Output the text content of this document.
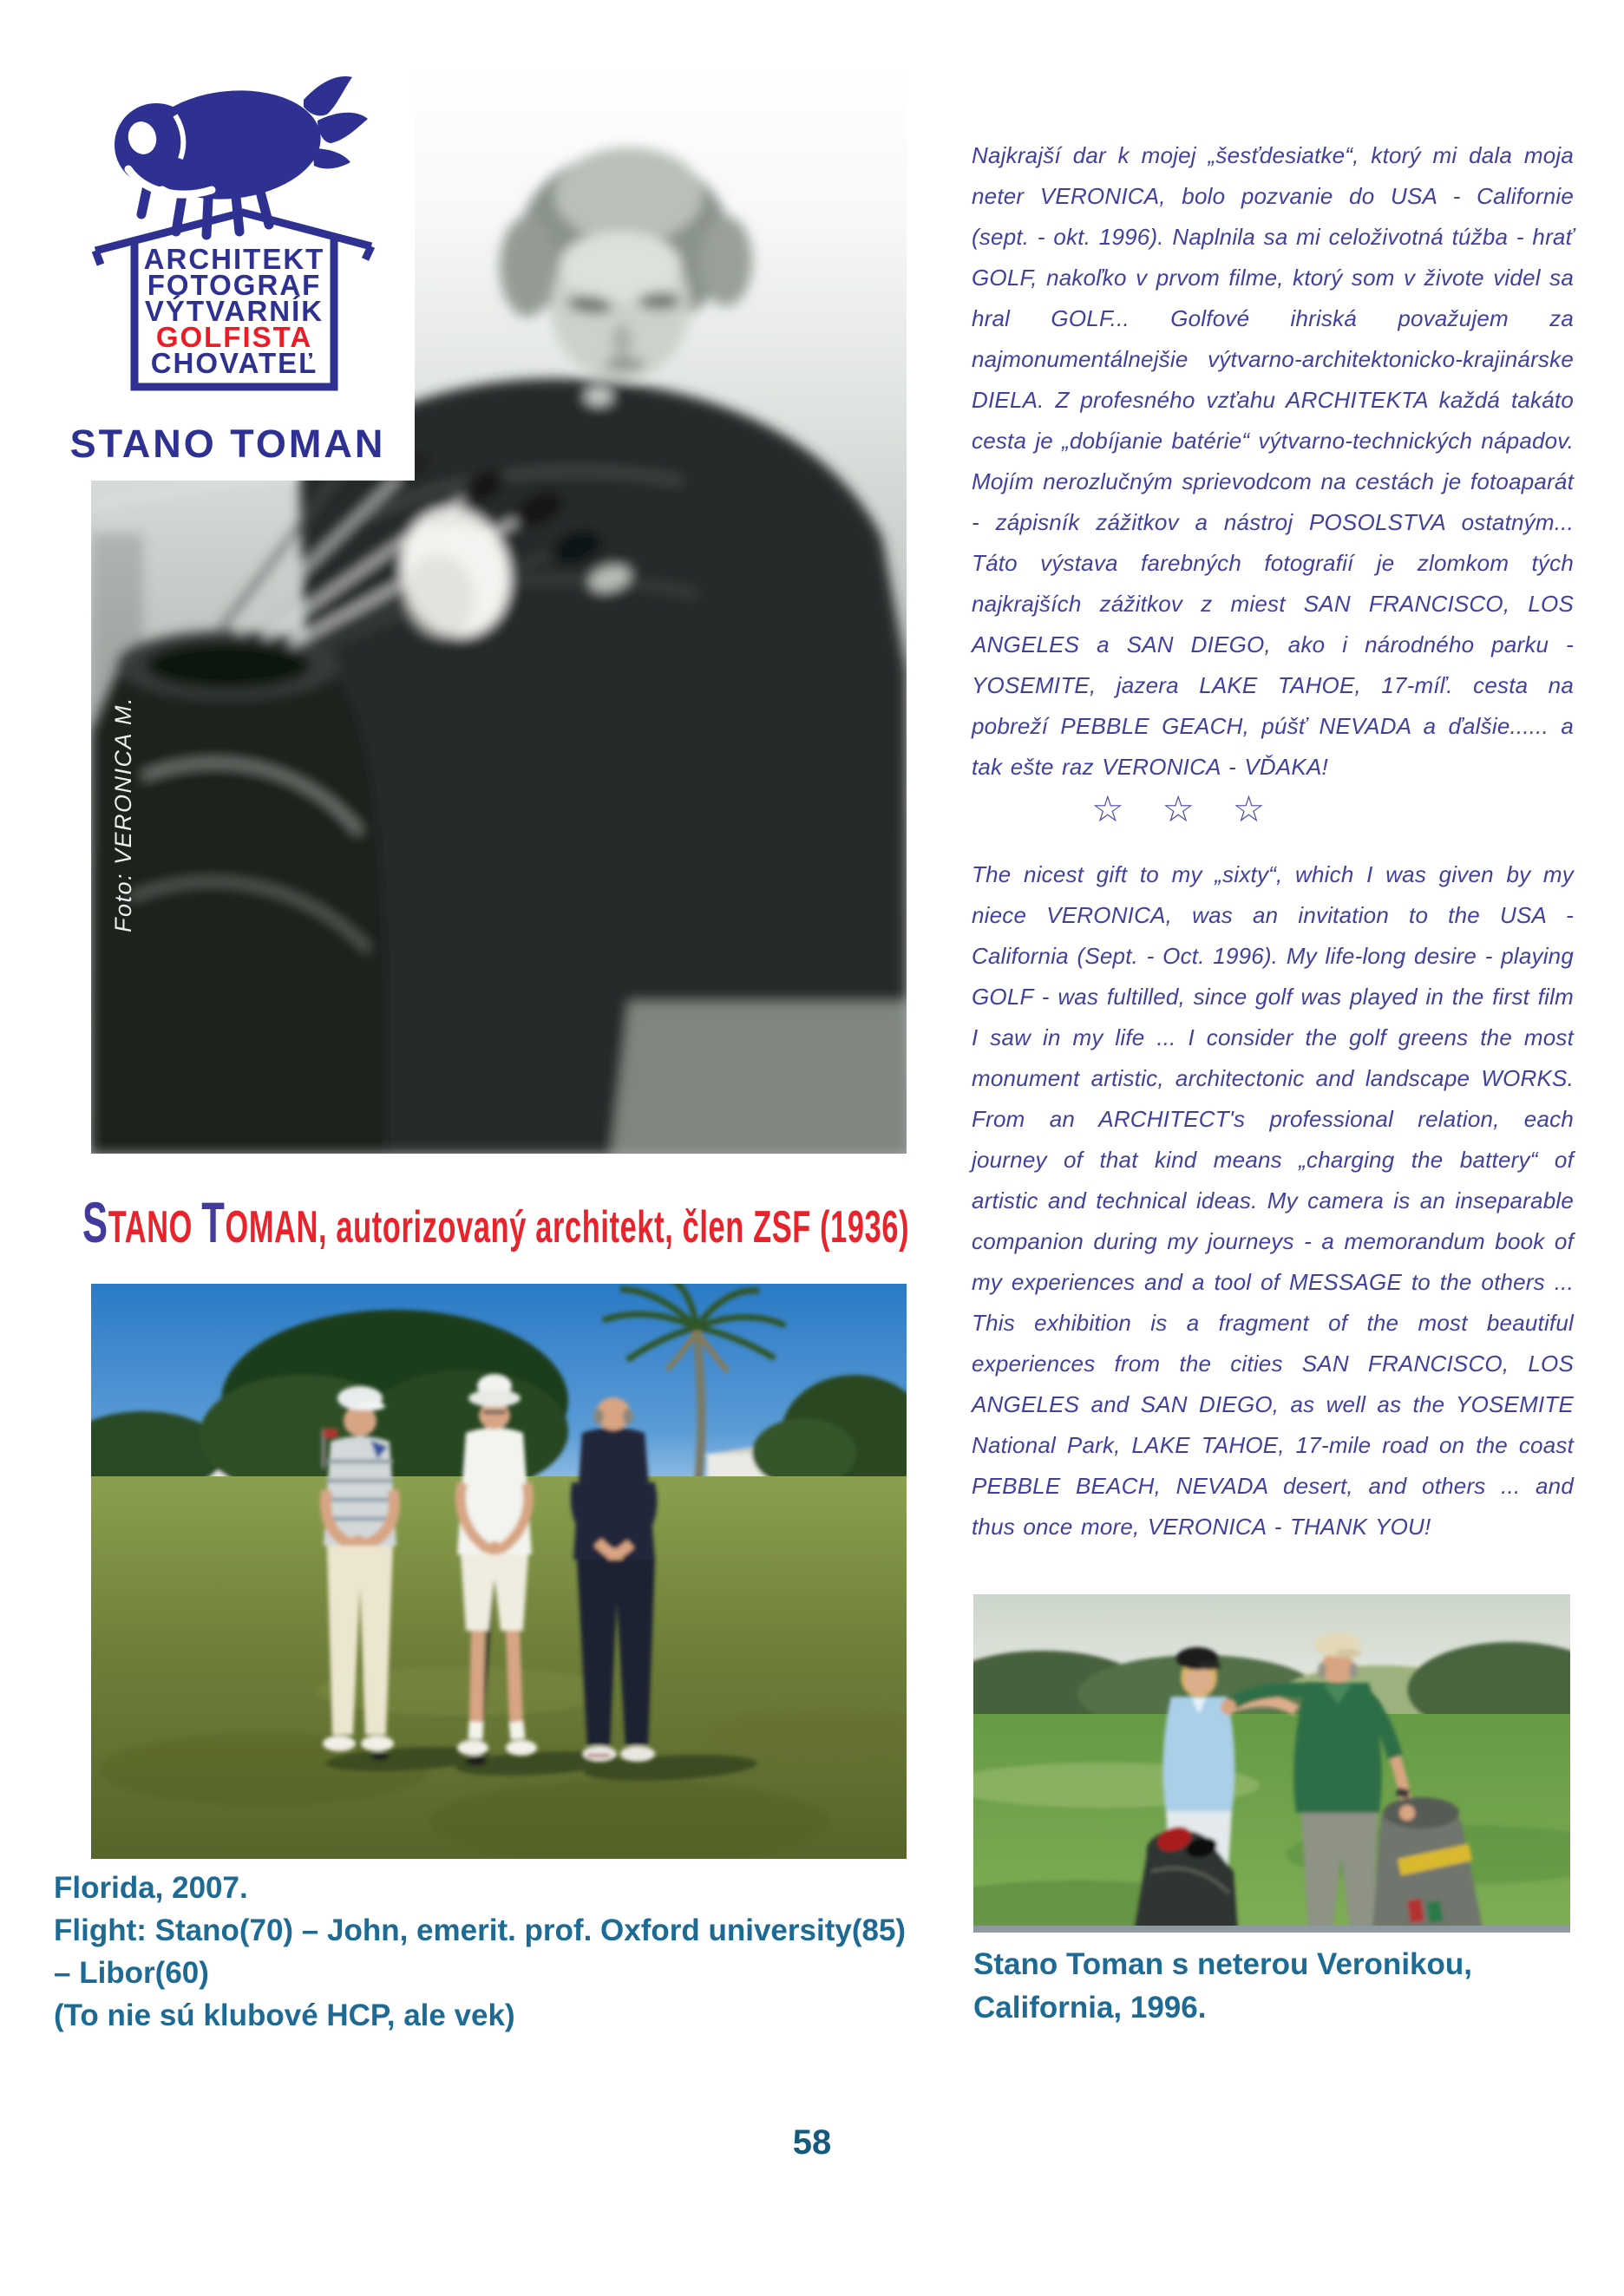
Foto: VERONICA M.
ARCHITEKT
FOTOGRAF
VÝTVARNÍK
GOLFISTA
CHOVATEĽ
STANO TOMAN
STANO TOMAN, autorizovaný architekt, člen ZSF (1936)

Najkrajší dar k mojej „šesťdesiatke“, ktorý mi dala moja neter VERONICA, bolo pozvanie do USA - Californie (sept. - okt. 1996). Naplnila sa mi celoživotná túžba - hrať GOLF, nakoľko v prvom filme, ktorý som v živote videl sa hral GOLF... Golfové ihriská považujem za najmonumentálnejšie výtvarno-architektonicko-krajinárske DIELA. Z profesného vzťahu ARCHITEKTA každá takáto cesta je „dobíjanie batérie“ výtvarno-technických nápadov. Mojím nerozlučným sprievodcom na cestách je fotoaparát - zápisník zážitkov a nástroj POSOLSTVA ostatným... Táto výstava farebných fotografií je zlomkom tých najkrajších zážitkov z miest SAN FRANCISCO, LOS ANGELES a SAN DIEGO, ako i národného parku - YOSEMITE, jazera LAKE TAHOE, 17-míľ. cesta na pobreží PEBBLE GEACH, púšť NEVADA a ďalšie...... a tak ešte raz VERONICA - VĎAKA!

☆ ☆ ☆

The nicest gift to my „sixty“, which I was given by my niece VERONICA, was an invitation to the USA - California (Sept. - Oct. 1996). My life-long desire - playing GOLF - was fultilled, since golf was played in the first film I saw in my life ... I consider the golf greens the most monument artistic, architectonic and landscape WORKS. From an ARCHITECT's professional relation, each journey of that kind means „charging the battery“ of artistic and technical ideas. My camera is an inseparable companion during my journeys - a memorandum book of my experiences and a tool of MESSAGE to the others ... This exhibition is a fragment of the most beautiful experiences from the cities SAN FRANCISCO, LOS ANGELES and SAN DIEGO, as well as the YOSEMITE National Park, LAKE TAHOE, 17-mile road on the coast PEBBLE BEACH, NEVADA desert, and others ... and thus once more, VERONICA - THANK YOU!

Florida, 2007.
Flight: Stano(70) – John, emerit. prof. Oxford university(85) – Libor(60)
(To nie sú klubové HCP, ale vek)
Stano Toman s neterou Veronikou,
California, 1996.
58
